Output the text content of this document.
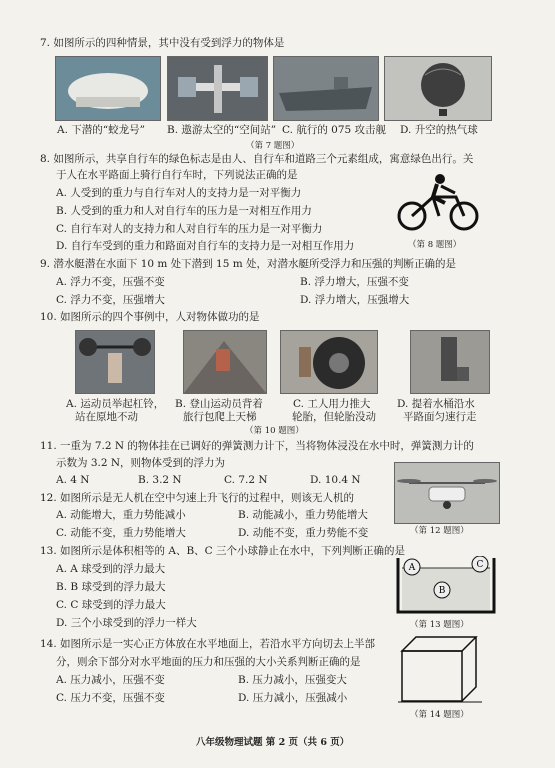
7. 如图所示的四种情景，其中没有受到浮力的物体是
A. 下潜的“蛟龙号” B. 遨游太空的“空间站” C. 航行的 075 攻击舰 D. 升空的热气球
（第 7 题图）
8. 如图所示，共享自行车的绿色标志是由人、自行车和道路三个元素组成，寓意绿色出行。关
于人在水平路面上骑行自行车时，下列说法正确的是
A. 人受到的重力与自行车对人的支持力是一对平衡力
B. 人受到的重力和人对自行车的压力是一对相互作用力
C. 自行车对人的支持力和人对自行车的压力是一对平衡力
D. 自行车受到的重力和路面对自行车的支持力是一对相互作用力	（第 8 题图）
9. 潜水艇潜在水面下 10 m 处下潜到 15 m 处，对潜水艇所受浮力和压强的判断正确的是
A. 浮力不变，压强不变	B. 浮力增大，压强不变
C. 浮力不变，压强增大	D. 浮力增大，压强增大
10. 如图所示的四个事例中，人对物体做功的是
A. 运动员举起杠铃，
站在原地不动
B. 登山运动员背着
旅行包爬上天梯
C. 工人用力推大
轮胎，但轮胎没动
D. 提着水桶沿水
平路面匀速行走
（第 10 题图）
11. 一重为 7.2 N 的物体挂在已调好的弹簧测力计下，当将物体浸没在水中时，弹簧测力计的
示数为 3.2 N，则物体受到的浮力为
A. 4 N	B. 3.2 N	C. 7.2 N	D. 10.4 N
12. 如图所示是无人机在空中匀速上升飞行的过程中，则该无人机的
A. 动能增大，重力势能减小	B. 动能减小，重力势能增大
C. 动能不变，重力势能增大	D. 动能不变，重力势能不变	（第 12 题图）
13. 如图所示是体积相等的 A、B、C 三个小球静止在水中，下列判断正确的是
A. A 球受到的浮力最大
B. B 球受到的浮力最大
C. C 球受到的浮力最大
D. 三个小球受到的浮力一样大
A
B
C
（第 13 题图）
14. 如图所示是一实心正方体放在水平地面上，若沿水平方向切去上半部
分，则余下部分对水平地面的压力和压强的大小关系判断正确的是
A. 压力减小，压强不变	B. 压力减小，压强变大
C. 压力不变，压强不变	D. 压力减小，压强减小
（第 14 题图）
八年级物理试题 第 2 页（共 6 页）
